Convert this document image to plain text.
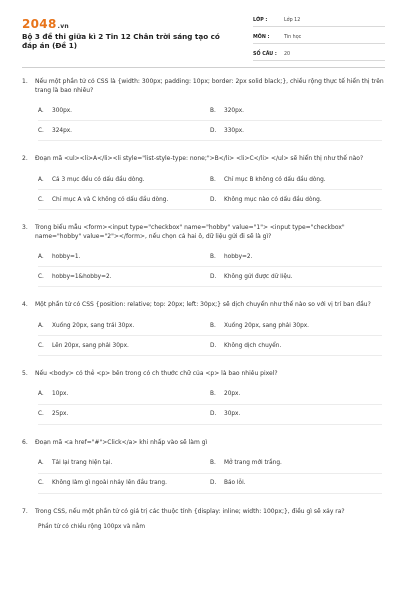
2048.vn
Bộ 3 đề thi giữa kì 2 Tin 12 Chân trời sáng tạo có đáp án (Đề 1)
LỚP :	Lớp 12
MÔN :	Tin học
SỐ CÂU :	20
1.	Nếu một phần tử có CSS là {width: 300px; padding: 10px; border: 2px solid black;}, chiều rộng thực tế hiển thị trên trang là bao nhiêu?
A.	300px.	B.	320px.
C.	324px.	D.	330px.
2.	Đoạn mã <ul><li>A</li><li style="list-style-type: none;">B</li> <li>C</li> </ul> sẽ hiển thị như thế nào?
A.	Cả 3 mục đều có dấu đầu dòng.	B.	Chỉ mục B không có dấu đầu dòng.
C.	Chỉ mục A và C không có dấu đầu dòng.	D.	Không mục nào có dấu đầu dòng.
3.	Trong biểu mẫu <form><input type="checkbox" name="hobby" value="1"> <input type="checkbox" name="hobby" value="2"></form>, nếu chọn cả hai ô, dữ liệu gửi đi sẽ là gì?
A.	hobby=1.	B.	hobby=2.
C.	hobby=1&hobby=2.	D.	Không gửi được dữ liệu.
4.	Một phần tử có CSS {position: relative; top: 20px; left: 30px;} sẽ dịch chuyển như thế nào so với vị trí ban đầu?
A.	Xuống 20px, sang trái 30px.	B.	Xuống 20px, sang phải 30px.
C.	Lên 20px, sang phải 30px.	D.	Không dịch chuyển.
5.	Nếu <body> có thẻ <p> bên trong có ch thước chữ của <p> là bao nhiêu pixel?
A.	10px.	B.	20px.
C.	25px.	D.	30px.
6.	Đoạn mã <a href="#">Click</a> khi nhấp vào sẽ làm gì
A.	Tải lại trang hiện tại.	B.	Mở trang mới trắng.
C.	Không làm gì ngoài nhảy lên đầu trang.	D.	Báo lỗi.
7.	Trong CSS, nếu một phần tử có giá trị các thuộc tính {display: inline; width: 100px;}, điều gì sẽ xảy ra?
Phần tử có chiều rộng 100px và nằm
